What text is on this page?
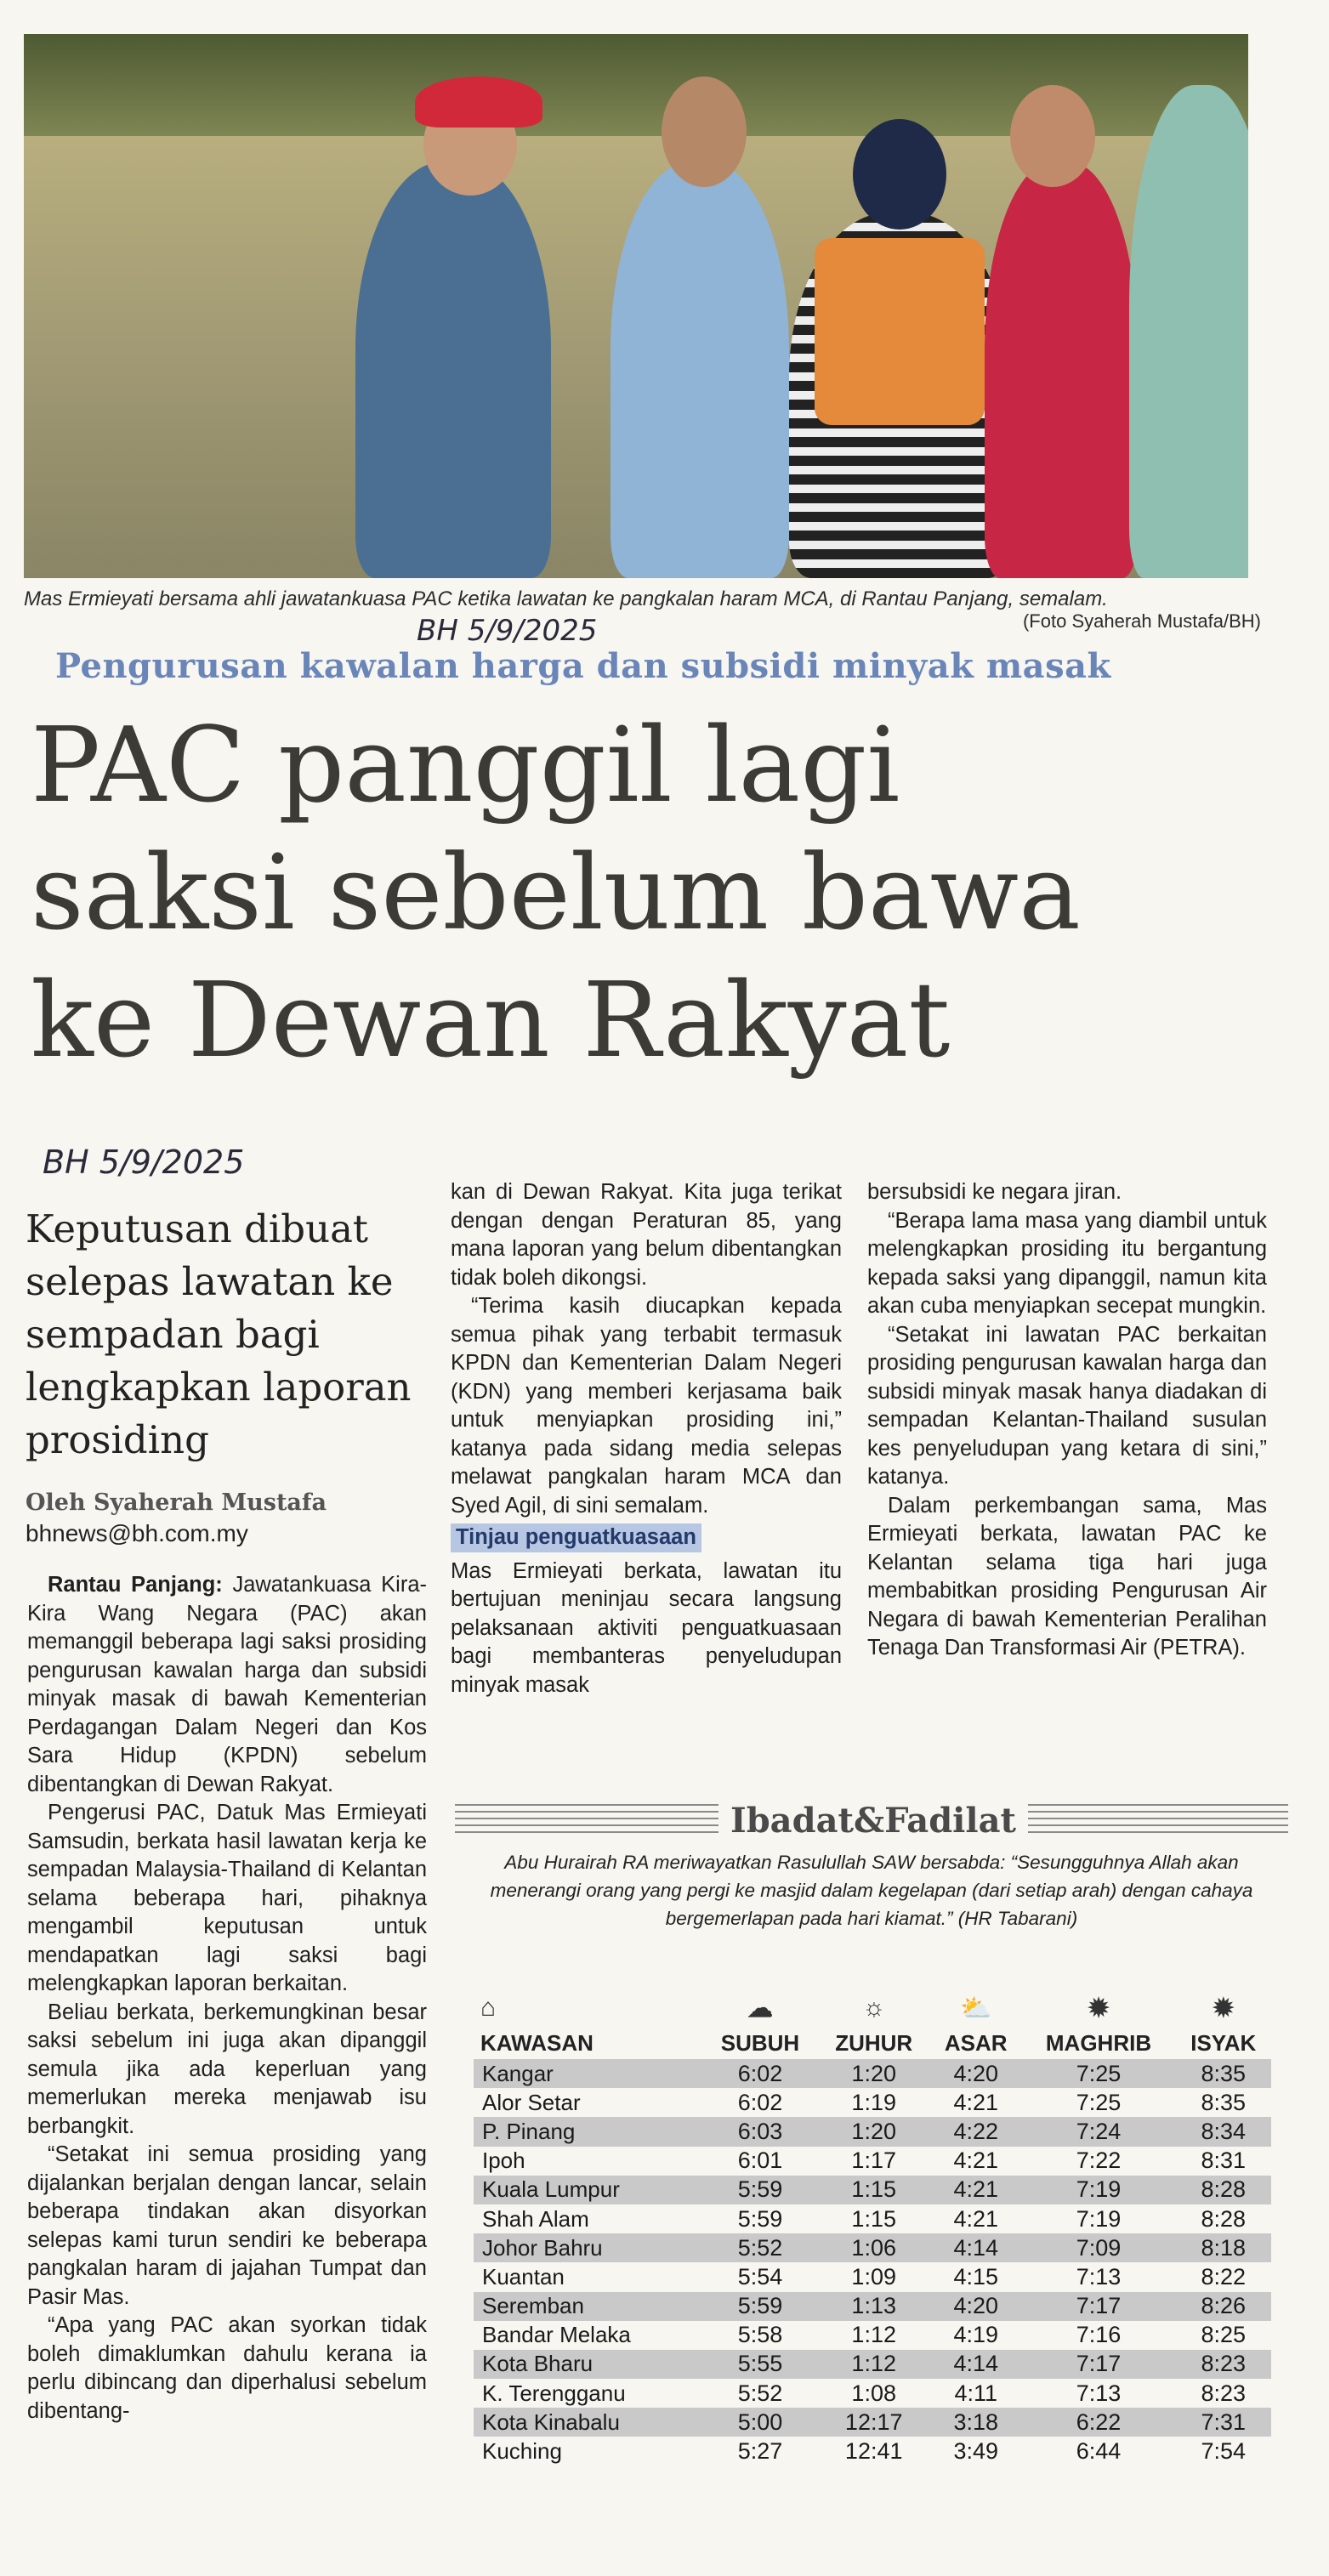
Mas Ermieyati bersama ahli jawatankuasa PAC ketika lawatan ke pangkalan haram MCA, di Rantau Panjang, semalam.
(Foto Syaherah Mustafa/BH)
BH 5/9/2025
Pengurusan kawalan harga dan subsidi minyak masak
PAC panggil lagi
saksi sebelum bawa
ke Dewan Rakyat
BH 5/9/2025
Keputusan dibuat selepas lawatan ke sempadan bagi lengkapkan laporan prosiding
Oleh Syaherah Mustafa
bhnews@bh.com.my

Rantau Panjang: Jawatankuasa Kira-Kira Wang Negara (PAC) akan memanggil beberapa lagi saksi prosiding pengurusan kawalan harga dan subsidi minyak masak di bawah Kementerian Perdagangan Dalam Negeri dan Kos Sara Hidup (KPDN) sebelum dibentangkan di Dewan Rakyat.

Pengerusi PAC, Datuk Mas Ermieyati Samsudin, berkata hasil lawatan kerja ke sempadan Malaysia-Thailand di Kelantan selama beberapa hari, pihaknya mengambil keputusan untuk mendapatkan lagi saksi bagi melengkapkan laporan berkaitan.

Beliau berkata, berkemungkinan besar saksi sebelum ini juga akan dipanggil semula jika ada keperluan yang memerlukan mereka menjawab isu berbangkit.

“Setakat ini semua prosiding yang dijalankan berjalan dengan lancar, selain beberapa tindakan akan disyorkan selepas kami turun sendiri ke beberapa pangkalan haram di jajahan Tumpat dan Pasir Mas.

“Apa yang PAC akan syorkan tidak boleh dimaklumkan dahulu kerana ia perlu dibincang dan diperhalusi sebelum dibentang-

kan di Dewan Rakyat. Kita juga terikat dengan dengan Peraturan 85, yang mana laporan yang belum dibentangkan tidak boleh dikongsi.

“Terima kasih diucapkan kepada semua pihak yang terbabit termasuk KPDN dan Kementerian Dalam Negeri (KDN) yang memberi kerjasama baik untuk menyiapkan prosiding ini,” katanya pada sidang media selepas melawat pangkalan haram MCA dan Syed Agil, di sini semalam.

Tinjau penguatkuasaan

Mas Ermieyati berkata, lawatan itu bertujuan meninjau secara langsung pelaksanaan aktiviti penguatkuasaan bagi membanteras penyeludupan minyak masak

bersubsidi ke negara jiran.

“Berapa lama masa yang diambil untuk melengkapkan prosiding itu bergantung kepada saksi yang dipanggil, namun kita akan cuba menyiapkan secepat mungkin.

“Setakat ini lawatan PAC berkaitan prosiding pengurusan kawalan harga dan subsidi minyak masak hanya diadakan di sempadan Kelantan-Thailand susulan kes penyeludupan yang ketara di sini,” katanya.

Dalam perkembangan sama, Mas Ermieyati berkata, lawatan PAC ke Kelantan selama tiga hari juga membabitkan prosiding Pengurusan Air Negara di bawah Kementerian Peralihan Tenaga Dan Transformasi Air (PETRA).

Ibadat&Fadilat
Abu Hurairah RA meriwayatkan Rasulullah SAW bersabda: “Sesungguhnya Allah akan menerangi orang yang pergi ke masjid dalam kegelapan (dari setiap arah) dengan cahaya bergemerlapan pada hari kiamat.” (HR Tabarani)
⌂	☁	☼	⛅	✹	✹
KAWASAN	SUBUH	ZUHUR	ASAR	MAGHRIB	ISYAK
Kangar	6:02	1:20	4:20	7:25	8:35
Alor Setar	6:02	1:19	4:21	7:25	8:35
P. Pinang	6:03	1:20	4:22	7:24	8:34
Ipoh	6:01	1:17	4:21	7:22	8:31
Kuala Lumpur	5:59	1:15	4:21	7:19	8:28
Shah Alam	5:59	1:15	4:21	7:19	8:28
Johor Bahru	5:52	1:06	4:14	7:09	8:18
Kuantan	5:54	1:09	4:15	7:13	8:22
Seremban	5:59	1:13	4:20	7:17	8:26
Bandar Melaka	5:58	1:12	4:19	7:16	8:25
Kota Bharu	5:55	1:12	4:14	7:17	8:23
K. Terengganu	5:52	1:08	4:11	7:13	8:23
Kota Kinabalu	5:00	12:17	3:18	6:22	7:31
Kuching	5:27	12:41	3:49	6:44	7:54
